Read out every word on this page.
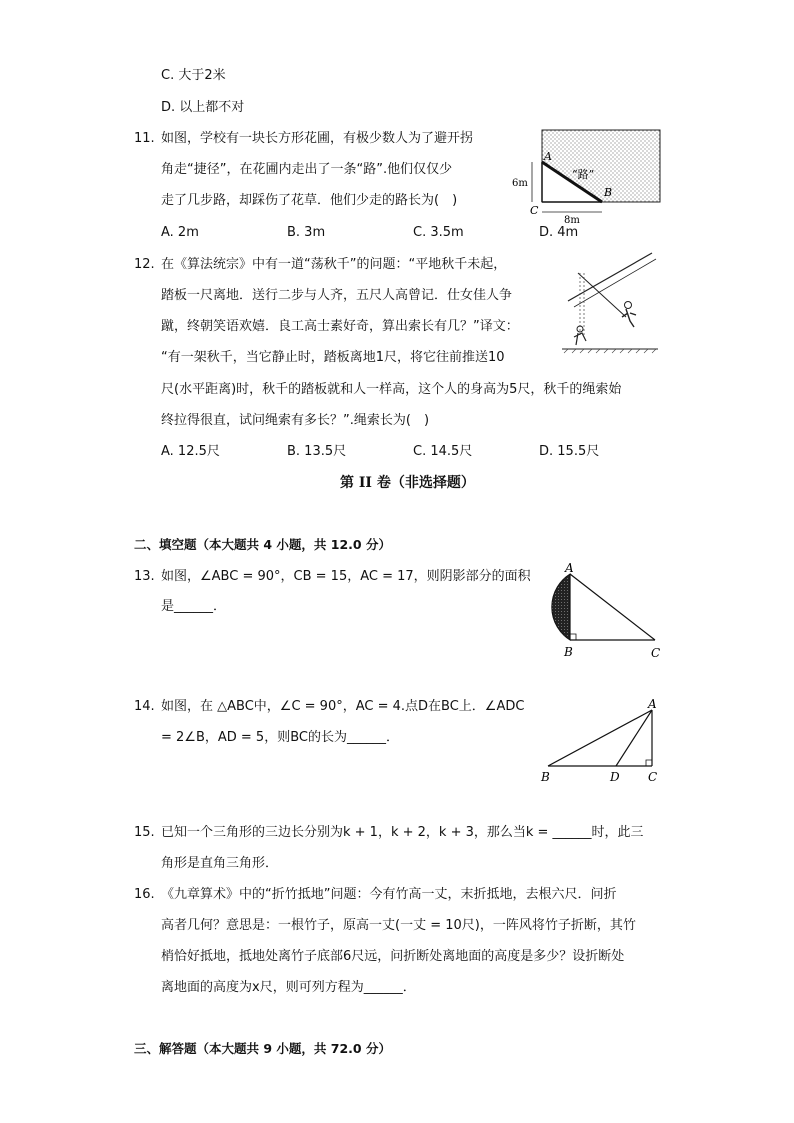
C. 大于2米
D. 以上都不对
11. 如图，学校有一块长方形花圃，有极少数人为了避开拐
角走“捷径”，在花圃内走出了一条“路”.他们仅仅少
走了几步路，却踩伤了花草．他们少走的路长为(　)
A. 2m	B. 3m	C. 3.5m	D. 4m
A
B
C
6m
8m
“路”
12. 在《算法统宗》中有一道“荡秋千”的问题：“平地秋千未起，
踏板一尺离地．送行二步与人齐，五尺人高曾记．仕女佳人争
蹴，终朝笑语欢嬉．良工高士素好奇，算出索长有几？”译文：
“有一架秋千，当它静止时，踏板离地1尺，将它往前推送10
尺(水平距离)时，秋千的踏板就和人一样高，这个人的身高为5尺，秋千的绳索始
终拉得很直，试问绳索有多长？”.绳索长为(　)
A. 12.5尺	B. 13.5尺	C. 14.5尺	D. 15.5尺
第 II 卷（非选择题）
二、填空题（本大题共 4 小题，共 12.0 分）
13. 如图，∠ABC = 90°，CB = 15，AC = 17，则阴影部分的面积
是______．
A
B	C
14. 如图，在 △ABC中，∠C = 90°，AC = 4.点D在BC上．∠ADC
= 2∠B，AD = 5，则BC的长为______．
A
B	D C
15. 已知一个三角形的三边长分别为k + 1，k + 2，k + 3，那么当k = ______时，此三
角形是直角三角形．
16. 《九章算术》中的“折竹抵地”问题：今有竹高一丈，末折抵地，去根六尺．问折
高者几何？意思是：一根竹子，原高一丈(一丈 = 10尺)，一阵风将竹子折断，其竹
梢恰好抵地，抵地处离竹子底部6尺远，问折断处离地面的高度是多少？设折断处
离地面的高度为x尺，则可列方程为______．
三、解答题（本大题共 9 小题，共 72.0 分）
